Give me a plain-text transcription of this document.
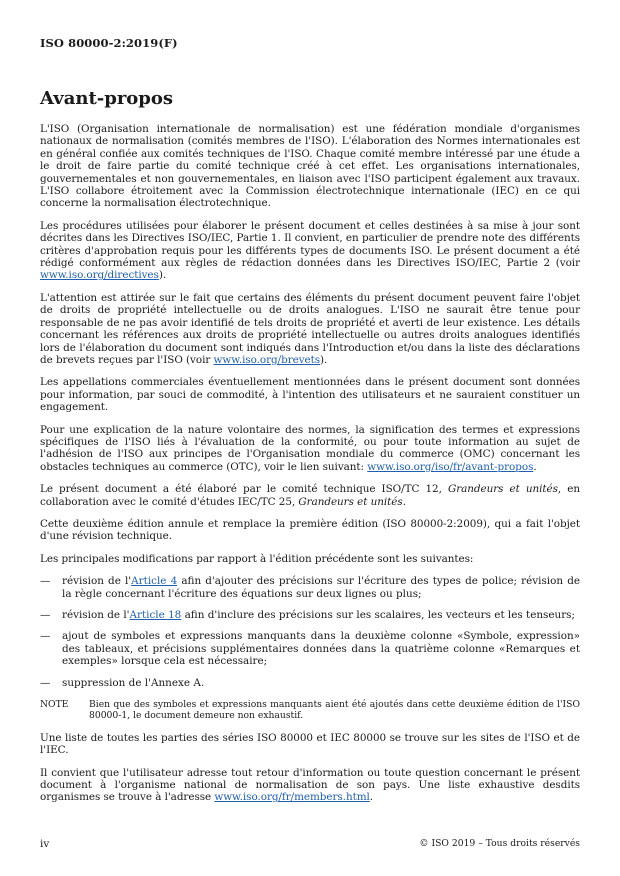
ISO 80000-2:2019(F)
Avant-propos

L'ISO (Organisation internationale de normalisation) est une fédération mondiale d'organismes nationaux de normalisation (comités membres de l'ISO). L'élaboration des Normes internationales est en général confiée aux comités techniques de l'ISO. Chaque comité membre intéressé par une étude a le droit de faire partie du comité technique créé à cet effet. Les organisations internationales, gouvernementales et non gouvernementales, en liaison avec l'ISO participent également aux travaux. L'ISO collabore étroitement avec la Commission électrotechnique internationale (IEC) en ce qui concerne la normalisation électrotechnique.

Les procédures utilisées pour élaborer le présent document et celles destinées à sa mise à jour sont décrites dans les Directives ISO/IEC, Partie 1. Il convient, en particulier de prendre note des différents critères d'approbation requis pour les différents types de documents ISO. Le présent document a été rédigé conformément aux règles de rédaction données dans les Directives ISO/IEC, Partie 2 (voir www.iso.org/directives).

L'attention est attirée sur le fait que certains des éléments du présent document peuvent faire l'objet de droits de propriété intellectuelle ou de droits analogues. L'ISO ne saurait être tenue pour responsable de ne pas avoir identifié de tels droits de propriété et averti de leur existence. Les détails concernant les références aux droits de propriété intellectuelle ou autres droits analogues identifiés lors de l'élaboration du document sont indiqués dans l'Introduction et/ou dans la liste des déclarations de brevets reçues par l'ISO (voir www.iso.org/brevets).

Les appellations commerciales éventuellement mentionnées dans le présent document sont données pour information, par souci de commodité, à l'intention des utilisateurs et ne sauraient constituer un engagement.

Pour une explication de la nature volontaire des normes, la signification des termes et expressions spécifiques de l'ISO liés à l'évaluation de la conformité, ou pour toute information au sujet de l'adhésion de l'ISO aux principes de l'Organisation mondiale du commerce (OMC) concernant les obstacles techniques au commerce (OTC), voir le lien suivant: www.iso.org/iso/fr/avant-propos.

Le présent document a été élaboré par le comité technique ISO/TC 12, Grandeurs et unités, en collaboration avec le comité d'études IEC/TC 25, Grandeurs et unités.

Cette deuxième édition annule et remplace la première édition (ISO 80000-2:2009), qui a fait l'objet d'une révision technique.

Les principales modifications par rapport à l'édition précédente sont les suivantes:

—	révision de l'Article 4 afin d'ajouter des précisions sur l'écriture des types de police; révision de la règle concernant l'écriture des équations sur deux lignes ou plus;
—	révision de l'Article 18 afin d'inclure des précisions sur les scalaires, les vecteurs et les tenseurs;
—	ajout de symboles et expressions manquants dans la deuxième colonne «Symbole, expression» des tableaux, et précisions supplémentaires données dans la quatrième colonne «Remarques et exemples» lorsque cela est nécessaire;
—	suppression de l'Annexe A.
NOTE	Bien que des symboles et expressions manquants aient été ajoutés dans cette deuxième édition de l'ISO 80000-1, le document demeure non exhaustif.

Une liste de toutes les parties des séries ISO 80000 et IEC 80000 se trouve sur les sites de l'ISO et de l'IEC.

Il convient que l'utilisateur adresse tout retour d'information ou toute question concernant le présent document à l'organisme national de normalisation de son pays. Une liste exhaustive desdits organismes se trouve à l'adresse www.iso.org/fr/members.html.

iv	© ISO 2019 – Tous droits réservés
